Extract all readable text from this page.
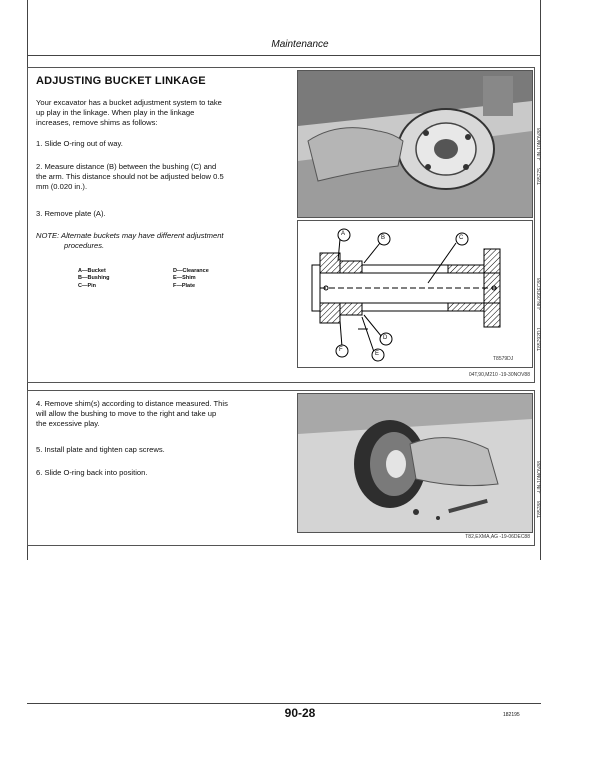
Maintenance
ADJUSTING BUCKET LINKAGE
Your excavator has a bucket adjustment system to take
up play in the linkage. When play in the linkage
increases, remove shims as follows:
1. Slide O-ring out of way.
2. Measure distance (B) between the bushing (C) and
the arm. This distance should not be adjusted below 0.5
mm (0.020 in.).
3. Remove plate (A).
NOTE: Alternate buckets may have different adjustment
procedures.
A—Bucket
B—Bushing
C—Pin
D—Clearance
E—Shim
F—Plate
T85775
-UN-10NOV88
A
B	C
D
E
F
T8579DJ
T85792DJ
-UN-09DEC88
04T,90,M210 -19-30NOV88
4. Remove shim(s) according to distance measured. This
will allow the bushing to move to the right and take up
the excessive play.
5. Install plate and tighten cap screws.
6. Slide O-ring back into position.
T85788
-UN-10NOV88
T82,EXMA,AG -19-06DEC88
90-28	182195
